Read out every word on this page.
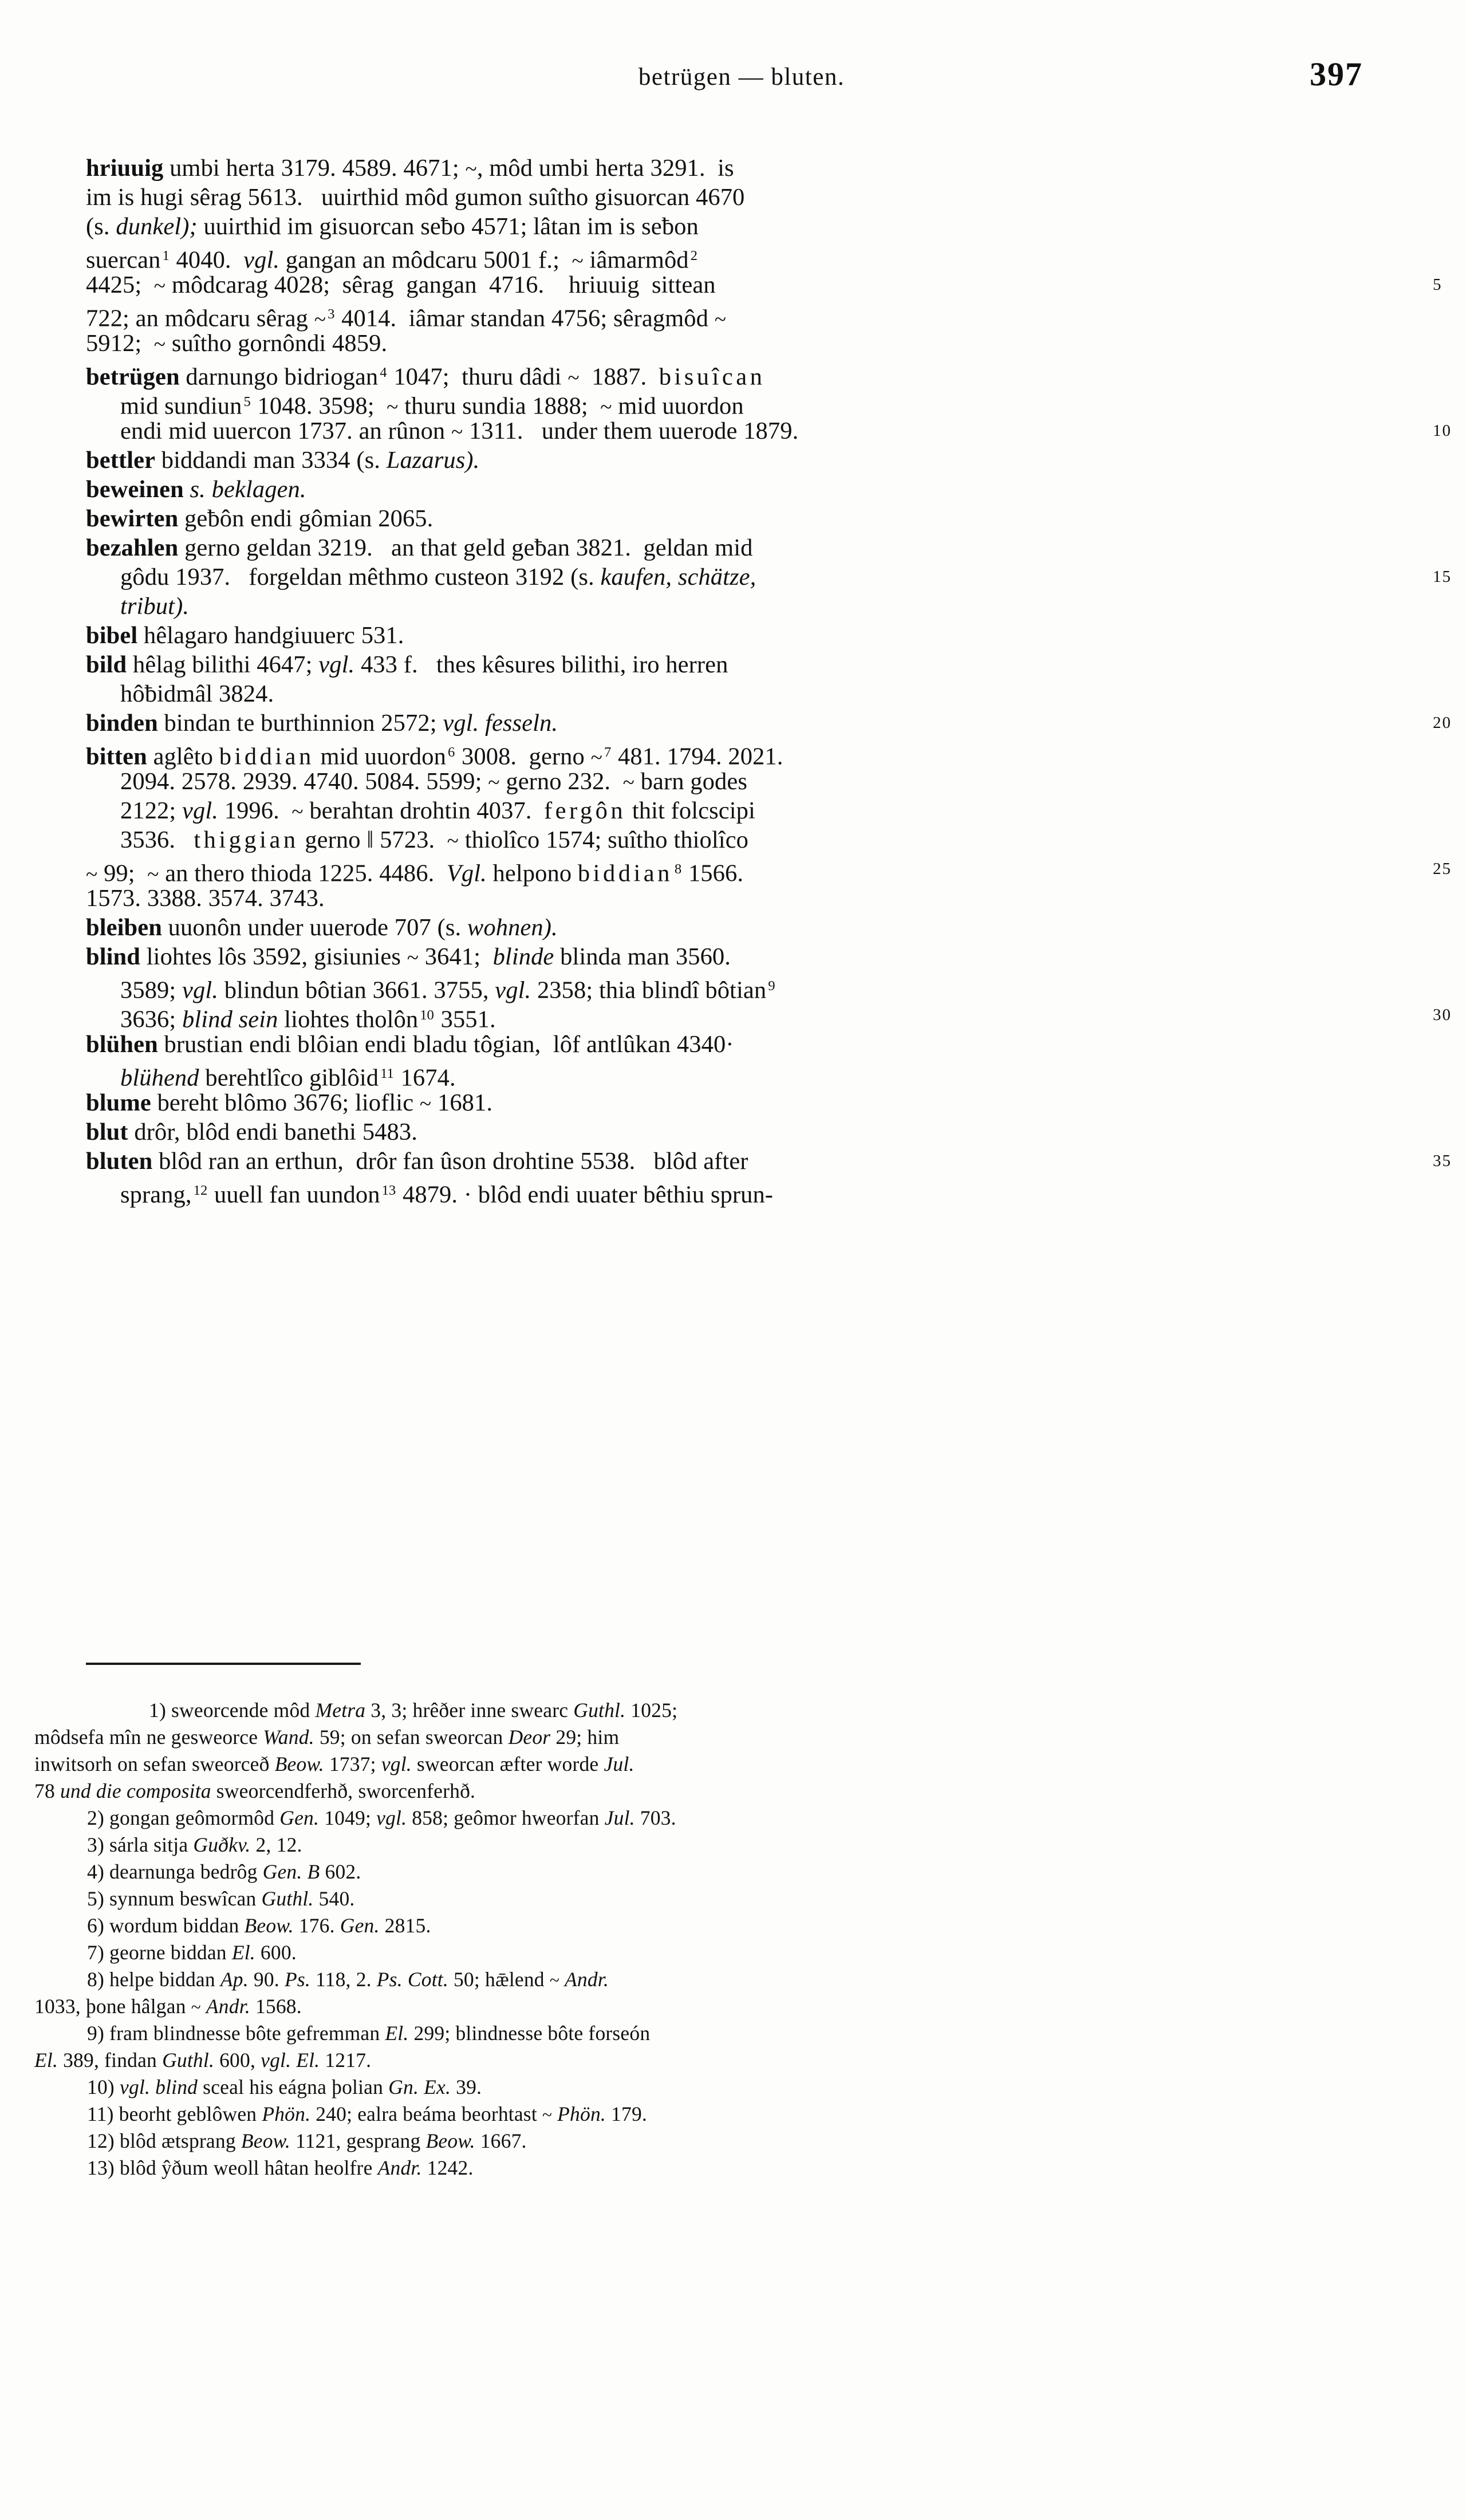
betrügen — bluten.	397
hriuuig umbi herta 3179. 4589. 4671; ~, môd umbi herta 3291.  is
im is hugi sêrag 5613.   uuirthid môd gumon suîtho gisuorcan 4670
(s. dunkel); uuirthid im gisuorcan seƀo 4571; lâtan im is seƀon
suercan $^1$ 4040.  vgl. gangan an môdcaru 5001 f.;  ~ iâmarmôd $^2$
4425;  ~ môdcarag 4028;  sêrag  gangan  4716.    hriuuig  sittean	5
722; an môdcaru sêrag ~ $^3$ 4014.  iâmar standan 4756; sêragmôd ~
5912;  ~ suîtho gornôndi 4859.
betrügen darnungo bidriogan $^4$ 1047;  thuru dâdi ~  1887.  bisuîcan
mid sundiun $^5$ 1048. 3598;  ~ thuru sundia 1888;  ~ mid uuordon
endi mid uuercon 1737. an rûnon ~ 1311.   under them uuerode 1879.	10
bettler biddandi man 3334 (s. Lazarus).
beweinen s. beklagen.
bewirten geƀôn endi gômian 2065.
bezahlen gerno geldan 3219.   an that geld geƀan 3821.  geldan mid
gôdu 1937.   forgeldan mêthmo custeon 3192 (s. kaufen, schätze,	15
tribut).
bibel hêlagaro handgiuuerc 531.
bild hêlag bilithi 4647; vgl. 433 f.   thes kêsures bilithi, iro herren
hôƀidmâl 3824.
binden bindan te burthinnion 2572; vgl. fesseln.	20
bitten aglêto biddian mid uuordon $^6$ 3008.  gerno ~ $^7$ 481. 1794. 2021.
2094. 2578. 2939. 4740. 5084. 5599; ~ gerno 232.  ~ barn godes
2122; vgl. 1996.  ~ berahtan drohtin 4037.  fergôn thit folcscipi
3536.   thiggian gerno ‖ 5723.  ~ thiolîco 1574; suîtho thiolîco
~ 99;  ~ an thero thioda 1225. 4486.  Vgl. helpono biddian $^8$ 1566.	25
1573. 3388. 3574. 3743.
bleiben uuonôn under uuerode 707 (s. wohnen).
blind liohtes lôs 3592, gisiunies ~ 3641;  blinde blinda man 3560.
3589; vgl. blindun bôtian 3661. 3755, vgl. 2358; thia blindî bôtian $^9$
3636; blind sein liohtes tholôn $^{10}$ 3551.	30
blühen brustian endi blôian endi bladu tôgian,  lôf antlûkan 4340·
blühend berehtlîco giblôid $^{11}$ 1674.
blume bereht blômo 3676; lioflic ~ 1681.
blut drôr, blôd endi banethi 5483.
bluten blôd ran an erthun,  drôr fan ûson drohtine 5538.   blôd after	35
sprang, $^{12}$ uuell fan uundon $^{13}$ 4879. · blôd endi uuater bêthiu sprun-
1) sweorcende môd Metra 3, 3; hrêðer inne swearc Guthl. 1025;
môdsefa mîn ne gesweorce Wand. 59; on sefan sweorcan Deor 29; him
inwitsorh on sefan sweorceð Beow. 1737; vgl. sweorcan æfter worde Jul.
78 und die composita sweorcendferhð, sworcenferhð.
2) gongan geômormôd Gen. 1049; vgl. 858; geômor hweorfan Jul. 703.
3) sárla sitja Guðkv. 2, 12.
4) dearnunga bedrôg Gen. B 602.
5) synnum beswîcan Guthl. 540.
6) wordum biddan Beow. 176. Gen. 2815.
7) georne biddan El. 600.
8) helpe biddan Ap. 90. Ps. 118, 2. Ps. Cott. 50; hǣlend ~ Andr.
1033, þone hâlgan ~ Andr. 1568.
9) fram blindnesse bôte gefremman El. 299; blindnesse bôte forseón
El. 389, findan Guthl. 600, vgl. El. 1217.
10) vgl. blind sceal his eágna þolian Gn. Ex. 39.
11) beorht geblôwen Phön. 240; ealra beáma beorhtast ~ Phön. 179.
12) blôd ætsprang Beow. 1121, gesprang Beow. 1667.
13) blôd ŷðum weoll hâtan heolfre Andr. 1242.
